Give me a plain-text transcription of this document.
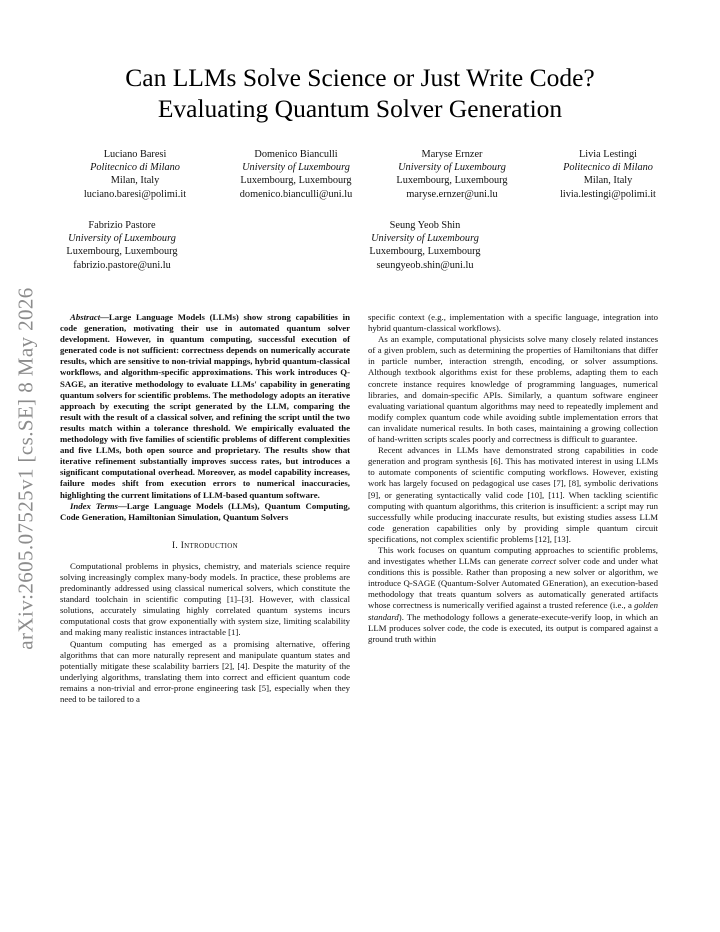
arXiv:2605.07525v1 [cs.SE] 8 May 2026
Can LLMs Solve Science or Just Write Code?
Evaluating Quantum Solver Generation
Luciano Baresi
Politecnico di Milano
Milan, Italy
luciano.baresi@polimi.it
Domenico Bianculli
University of Luxembourg
Luxembourg, Luxembourg
domenico.bianculli@uni.lu
Maryse Ernzer
University of Luxembourg
Luxembourg, Luxembourg
maryse.ernzer@uni.lu
Livia Lestingi
Politecnico di Milano
Milan, Italy
livia.lestingi@polimi.it
Fabrizio Pastore
University of Luxembourg
Luxembourg, Luxembourg
fabrizio.pastore@uni.lu
Seung Yeob Shin
University of Luxembourg
Luxembourg, Luxembourg
seungyeob.shin@uni.lu

Abstract—Large Language Models (LLMs) show strong capabilities in code generation, motivating their use in automated quantum solver development. However, in quantum computing, successful execution of generated code is not sufficient: correctness depends on numerically accurate results, which are sensitive to non-trivial mappings, hybrid quantum-classical workflows, and algorithm-specific approximations. This work introduces Q-SAGE, an iterative methodology to evaluate LLMs' capability in generating quantum solvers for scientific problems. The methodology adopts an iterative approach by executing the script generated by the LLM, comparing the result with the result of a classical solver, and refining the script until the two results match within a tolerance threshold. We empirically evaluated the methodology with five families of scientific problems of different complexities and five LLMs, both open source and proprietary. The results show that iterative refinement substantially improves success rates, but introduces a significant computational overhead. Moreover, as model capability increases, failure modes shift from execution errors to numerical inaccuracies, highlighting the current limitations of LLM-based quantum software.

Index Terms—Large Language Models (LLMs), Quantum Computing, Code Generation, Hamiltonian Simulation, Quantum Solvers

I. Introduction

Computational problems in physics, chemistry, and materials science require solving increasingly complex many-body models. In practice, these problems are predominantly addressed using classical numerical solvers, which constitute the standard toolchain in scientific computing [1]–[3]. However, with classical solutions, accurately simulating highly correlated quantum systems incurs computational costs that grow exponentially with system size, limiting scalability and making many realistic instances intractable [1].

Quantum computing has emerged as a promising alternative, offering algorithms that can more naturally represent and manipulate quantum states and potentially mitigate these scalability barriers [2], [4]. Despite the maturity of the underlying algorithms, translating them into correct and efficient quantum code remains a non-trivial and error-prone engineering task [5], especially when they need to be tailored to a

specific context (e.g., implementation with a specific language, integration into hybrid quantum-classical workflows).

As an example, computational physicists solve many closely related instances of a given problem, such as determining the properties of Hamiltonians that differ in particle number, interaction strength, encoding, or solver assumptions. Although textbook algorithms exist for these problems, adapting them to each concrete instance requires knowledge of programming languages, numerical libraries, and domain-specific APIs. Similarly, a quantum software engineer evaluating variational quantum algorithms may need to repeatedly implement and modify complex quantum code while avoiding subtle implementation errors that can invalidate numerical results. In both cases, maintaining a growing collection of hand-written scripts scales poorly and correctness is difficult to guarantee.

Recent advances in LLMs have demonstrated strong capabilities in code generation and program synthesis [6]. This has motivated interest in using LLMs to automate components of scientific computing workflows. However, existing work has largely focused on pedagogical use cases [7], [8], symbolic derivations [9], or generating syntactically valid code [10], [11]. When tackling scientific computing with quantum algorithms, this criterion is insufficient: a script may run successfully while producing inaccurate results, but existing studies assess LLM code generation capabilities only by providing simple quantum circuit specifications, not complex scientific problems [12], [13].

This work focuses on quantum computing approaches to scientific problems, and investigates whether LLMs can generate correct solver code and under what conditions this is possible. Rather than proposing a new solver or algorithm, we introduce Q-SAGE (Quantum-Solver Automated GEneration), an execution-based methodology that treats quantum solvers as automatically generated artifacts whose correctness is numerically verified against a trusted reference (i.e., a golden standard). The methodology follows a generate-execute-verify loop, in which an LLM produces solver code, the code is executed, its output is compared against a ground truth within
